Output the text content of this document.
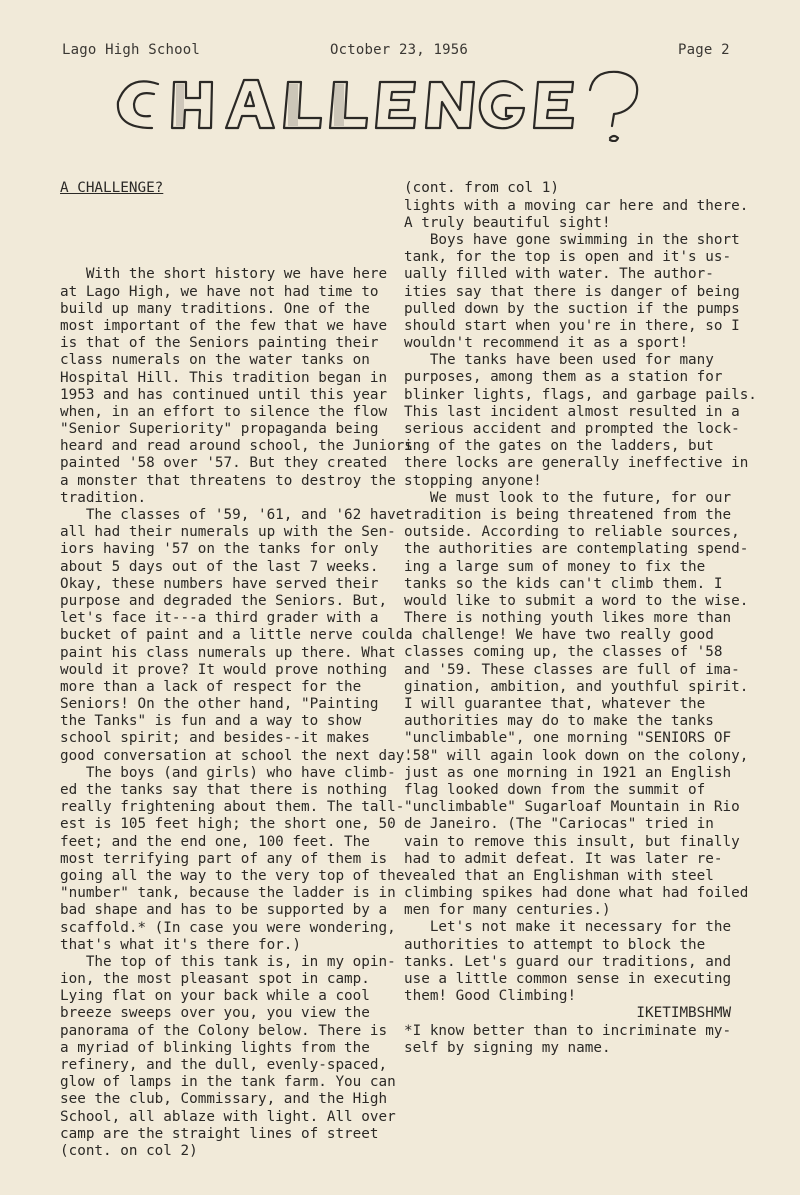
Lago High School	October 23, 1956	Page 2

A CHALLENGE?

With the short history we have here
at Lago High, we have not had time to
build up many traditions. One of the
most important of the few that we have
is that of the Seniors painting their
class numerals on the water tanks on
Hospital Hill. This tradition began in
1953 and has continued until this year
when, in an effort to silence the flow
"Senior Superiority" propaganda being
heard and read around school, the Juniors
painted '58 over '57. But they created
a monster that threatens to destroy the
tradition.
The classes of '59, '61, and '62 have
all had their numerals up with the Sen-
iors having '57 on the tanks for only
about 5 days out of the last 7 weeks.
Okay, these numbers have served their
purpose and degraded the Seniors. But,
let's face it---a third grader with a
bucket of paint and a little nerve could
paint his class numerals up there. What
would it prove? It would prove nothing
more than a lack of respect for the
Seniors! On the other hand, "Painting
the Tanks" is fun and a way to show
school spirit; and besides--it makes
good conversation at school the next day.
The boys (and girls) who have climb-
ed the tanks say that there is nothing
really frightening about them. The tall-
est is 105 feet high; the short one, 50
feet; and the end one, 100 feet. The
most terrifying part of any of them is
going all the way to the very top of the
"number" tank, because the ladder is in
bad shape and has to be supported by a
scaffold.* (In case you were wondering,
that's what it's there for.)
The top of this tank is, in my opin-
ion, the most pleasant spot in camp.
Lying flat on your back while a cool
breeze sweeps over you, you view the
panorama of the Colony below. There is
a myriad of blinking lights from the
refinery, and the dull, evenly-spaced,
glow of lamps in the tank farm. You can
see the club, Commissary, and the High
School, all ablaze with light. All over
camp are the straight lines of street
(cont. on col 2)

(cont. from col 1)
lights with a moving car here and there.
A truly beautiful sight!
Boys have gone swimming in the short
tank, for the top is open and it's us-
ually filled with water. The author-
ities say that there is danger of being
pulled down by the suction if the pumps
should start when you're in there, so I
wouldn't recommend it as a sport!
The tanks have been used for many
purposes, among them as a station for
blinker lights, flags, and garbage pails.
This last incident almost resulted in a
serious accident and prompted the lock-
ing of the gates on the ladders, but
there locks are generally ineffective in
stopping anyone!
We must look to the future, for our
tradition is being threatened from the
outside. According to reliable sources,
the authorities are contemplating spend-
ing a large sum of money to fix the
tanks so the kids can't climb them. I
would like to submit a word to the wise.
There is nothing youth likes more than
a challenge! We have two really good
classes coming up, the classes of '58
and '59. These classes are full of ima-
gination, ambition, and youthful spirit.
I will guarantee that, whatever the
authorities may do to make the tanks
"unclimbable", one morning "SENIORS OF
'58" will again look down on the colony,
just as one morning in 1921 an English
flag looked down from the summit of
"unclimbable" Sugarloaf Mountain in Rio
de Janeiro. (The "Cariocas" tried in
vain to remove this insult, but finally
had to admit defeat. It was later re-
vealed that an Englishman with steel
climbing spikes had done what had foiled
men for many centuries.)
Let's not make it necessary for the
authorities to attempt to block the
tanks. Let's guard our traditions, and
use a little common sense in executing
them! Good Climbing!
IKETIMBSHMW
*I know better than to incriminate my-
self by signing my name.
